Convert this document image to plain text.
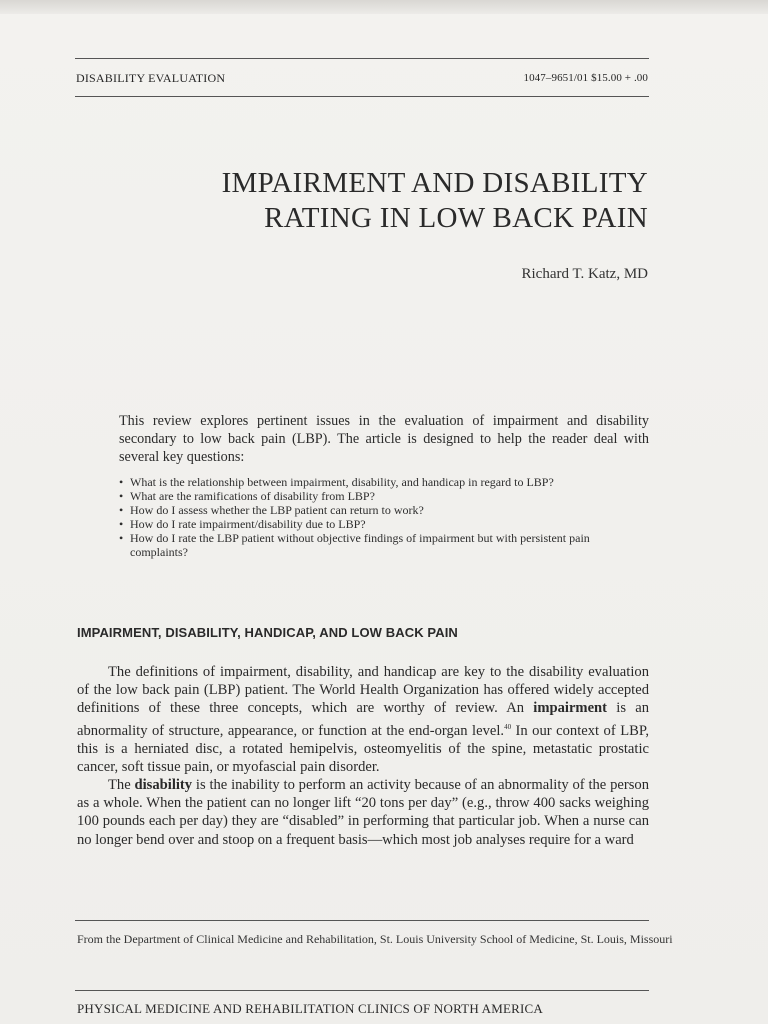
DISABILITY EVALUATION	1047–9651/01 $15.00 + .00
IMPAIRMENT AND DISABILITY
RATING IN LOW BACK PAIN
Richard T. Katz, MD

This review explores pertinent issues in the evaluation of impairment and disability secondary to low back pain (LBP). The article is designed to help the reader deal with several key questions:

• What is the relationship between impairment, disability, and handicap in regard to LBP?
• What are the ramifications of disability from LBP?
• How do I assess whether the LBP patient can return to work?
• How do I rate impairment/disability due to LBP?
• How do I rate the LBP patient without objective findings of impairment but with persistent pain complaints?
IMPAIRMENT, DISABILITY, HANDICAP, AND LOW BACK PAIN

The definitions of impairment, disability, and handicap are key to the disability evaluation of the low back pain (LBP) patient. The World Health Organization has offered widely accepted definitions of these three concepts, which are worthy of review. An impairment is an abnormality of structure, appearance, or function at the end-organ level.$^{40}$ In our context of LBP, this is a herniated disc, a rotated hemipelvis, osteomyelitis of the spine, metastatic prostatic cancer, soft tissue pain, or myofascial pain disorder.

The disability is the inability to perform an activity because of an abnormality of the person as a whole. When the patient can no longer lift “20 tons per day” (e.g., throw 400 sacks weighing 100 pounds each per day) they are “disabled” in performing that particular job. When a nurse can no longer bend over and stoop on a frequent basis—which most job analyses require for a ward

From the Department of Clinical Medicine and Rehabilitation, St. Louis University School of Medicine, St. Louis, Missouri
PHYSICAL MEDICINE AND REHABILITATION CLINICS OF NORTH AMERICA
